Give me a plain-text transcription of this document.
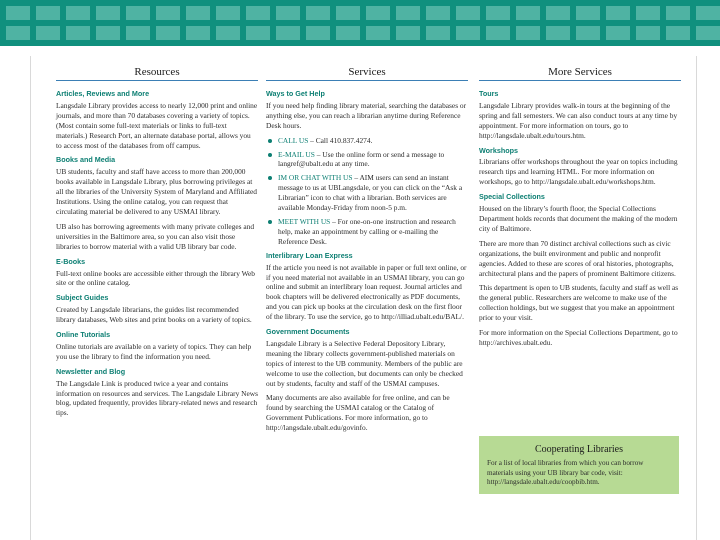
Resources
Articles, Reviews and More
Langsdale Library provides access to nearly 12,000 print and online journals, and more than 70 databases covering a variety of topics. (Most contain some full-text materials or links to full-text materials.) Research Port, an alternate database portal, allows you to access most of the databases from off campus.
Books and Media
UB students, faculty and staff have access to more than 200,000 books available in Langsdale Library, plus borrowing privileges at all the libraries of the University System of Maryland and Affiliated Institutions. Using the online catalog, you can request that circulating material be delivered to any USMAI library.
UB also has borrowing agreements with many private colleges and universities in the Baltimore area, so you can also visit those libraries to borrow material with a valid UB library bar code.
E-Books
Full-text online books are accessible either through the library Web site or the online catalog.
Subject Guides
Created by Langsdale librarians, the guides list recommended library databases, Web sites and print books on a variety of topics.
Online Tutorials
Online tutorials are available on a variety of topics. They can help you use the library to find the information you need.
Newsletter and Blog
The Langsdale Link is produced twice a year and contains information on resources and services. The Langsdale Library News blog, updated frequently, provides library-related news and research tips.
Services
Ways to Get Help
If you need help finding library material, searching the databases or anything else, you can reach a librarian anytime during Reference Desk hours.
CALL US – Call 410.837.4274.
E-MAIL US – Use the online form or send a message to langref@ubalt.edu at any time.
IM OR CHAT WITH US – AIM users can send an instant message to us at UBLangsdale, or you can click on the “Ask a Librarian” icon to chat with a librarian. Both services are available Monday-Friday from noon-5 p.m.
MEET WITH US – For one-on-one instruction and research help, make an appointment by calling or e-mailing the Reference Desk.
Interlibrary Loan Express
If the article you need is not available in paper or full text online, or if you need material not available in an USMAI library, you can go online and submit an interlibrary loan request. Journal articles and book chapters will be delivered electronically as PDF documents, and you can pick up books at the circulation desk on the first floor of the library. To use the service, go to http://illiad.ubalt.edu/BAL/.
Government Documents
Langsdale Library is a Selective Federal Depository Library, meaning the library collects government-published materials on topics of interest to the UB community. Members of the public are welcome to use the collection, but documents can only be checked out by students, faculty and staff of the USMAI campuses.
Many documents are also available for free online, and can be found by searching the USMAI catalog or the Catalog of Government Publications. For more information, go to http://langsdale.ubalt.edu/govinfo.
More Services
Tours
Langsdale Library provides walk-in tours at the beginning of the spring and fall semesters. We can also conduct tours at any time by appointment. For more information on tours, go to http://langsdale.ubalt.edu/tours.htm.
Workshops
Librarians offer workshops throughout the year on topics including research tips and learning HTML. For more information on workshops, go to http://langsdale.ubalt.edu/workshops.htm.
Special Collections
Housed on the library’s fourth floor, the Special Collections Department holds records that document the making of the modern city of Baltimore.
There are more than 70 distinct archival collections such as civic organizations, the built environment and public and nonprofit agencies. Added to these are scores of oral histories, photographs, architectural plans and the papers of prominent Baltimore citizens.
This department is open to UB students, faculty and staff as well as the general public. Researchers are welcome to make use of the collection holdings, but we suggest that you make an appointment prior to your visit.
For more information on the Special Collections Department, go to http://archives.ubalt.edu.
Cooperating Libraries
For a list of local libraries from which you can borrow materials using your UB library bar code, visit: http://langsdale.ubalt.edu/coopbib.htm.
